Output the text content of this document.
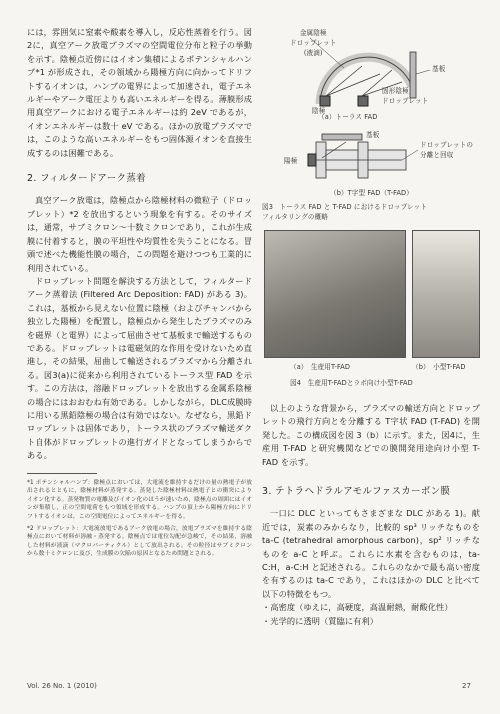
には，雰囲気に窒素や酸素を導入し，反応性蒸着を行う。図2に，真空アーク放電プラズマの空間電位分布と粒子の挙動を示す。陰極点近傍にはイオン集積によるポテンシャルハンプ*1 が形成され，その領域から陽極方向に向かってドリフトするイオンは，ハンプの電界によって加速され，電子エネルギーやアーク電圧よりも高いエネルギーを得る。薄膜形成用真空アークにおける電子エネルギーは約 2eV であるが，イオンエネルギーは数十 eV である。ほかの放電プラズマでは，このような高いエネルギーをもつ固体源イオンを直接生成するのは困難である。

2. フィルタードアーク蒸着

真空アーク放電は，陰極点から陰極材料の微粒子（ドロップレット）*2 を放出するという現象を有する。そのサイズは，通常，サブミクロン～十数ミクロンであり，これが生成膜に付着すると，膜の平坦性や均質性を失うことになる。冒頭で述べた機能性膜の場合，この問題を避けつつも工業的に利用されている。

ドロップレット問題を解決する方法として，フィルタードアーク蒸着法 (Filtered Arc Deposition: FAD) がある 3)。これは，基板から見えない位置に陰極（およびチャンバから独立した陽極）を配置し，陰極点から発生したプラズマのみを磁界（と電界）によって屈曲させて基板まで輸送するものである。ドロップレットは電磁気的な作用を受けないため直進し，その結果，屈曲して輸送されるプラズマから分離される。図3(a)に従来から利用されているトーラス型 FAD を示す。この方法は，溶融ドロップレットを放出する金属系陰極の場合にはおおむね有効である。しかしながら，DLC成膜時に用いる黒鉛陰極の場合は有効ではない。なぜなら，黒鉛ドロップレットは固体であり，トーラス状のプラズマ輸送ダクト自体がドロップレットの進行ガイドとなってしまうからである。

*1 ポテンシャルハンプ：陰極点においては，大電流を維持するだけの量の熱電子が放出されるとともに，陰極材料が蒸発する。蒸発した陰極材料は熱電子との衝突によりイオン化する。蒸発物質の電離及びイオン化のほうが速いため，陰極点の周囲にはイオンが集積し，正の空間電荷をもつ領域を形成する。ハンプの頂上から陽極方向にドリフトするイオンは，この空間電位によってエネルギーを得る。

*2 ドロップレット：大電流放電であるアーク放電の場合，放電プラズマを維持する陰極点において材料が溶融・蒸発する。陰極点では電位勾配が急峻で，その結果，溶融した材料が液滴（マクロパーティクル）として放出される。その粒径はサブミクロンから数十ミクロンに及び，生成膜の欠陥の原因となるため問題とされる。

金属陰極
ドロップレット
(液滴)
基板
固形陰極
ドロップレット
陰極
（a）トーラス FAD
基板
ドロップレットの
分離と回収
陽極
（b）T字型 FAD（T-FAD）
図3　トーラス FAD と T-FAD におけるドロップレット
フィルタリングの概略
（a）　生産用T-FAD	（b）　小型T-FAD
図4　生産用T-FADとラボ向け小型T-FAD

以上のような背景から，プラズマの輸送方向とドロップレットの飛行方向とを分離する T字状 FAD (T-FAD) を開発した。この構成図を図 3（b）に示す。また，図4に，生産用 T-FAD と研究機関などでの膜開発用途向け小型 T-FAD を示す。

3. テトラヘドラルアモルファスカーボン膜

一口に DLC といってもさまざまな DLC がある 1)。献近では，炭素のみからなり，比較的 sp³ リッチなものを ta-C (tetrahedral amorphous carbon)，sp² リッチなものを a-C と呼ぶ。これらに水素を含むものは，ta-C:H，a-C:H と記述される。これらのなかで最も高い密度を有するのは ta-C であり，これはほかの DLC と比べて以下の特徴をもつ。

・高密度（ゆえに，高硬度，高温耐熱，耐酸化性）

・光学的に透明（質臨に有利）

Vol. 26 No. 1 (2010)	27
